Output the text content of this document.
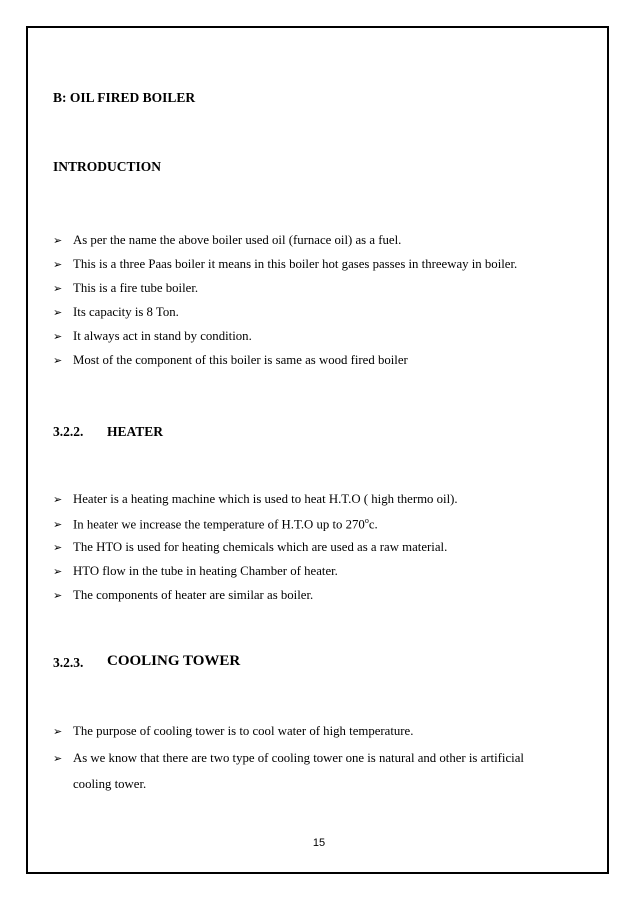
B: OIL FIRED BOILER
INTRODUCTION
➢ As per the name the above boiler used oil (furnace oil) as a fuel.
➢ This is a three Paas boiler it means in this boiler hot gases passes in threeway in boiler.
➢ This is a fire tube boiler.
➢ Its capacity is 8 Ton.
➢ It always act in stand by condition.
➢ Most of the component of this boiler is same as wood fired boiler
3.2.2. HEATER
➢ Heater is a heating machine which is used to heat H.T.O ( high thermo oil).
➢ In heater we increase the temperature of H.T.O up to 270$^o$c.
➢ The HTO is used for heating chemicals which are used as a raw material.
➢ HTO flow in the tube in heating Chamber of heater.
➢ The components of heater are similar as boiler.
3.2.3. COOLING TOWER
➢ The purpose of cooling tower is to cool water of high temperature.
➢ As we know that there are two type of cooling tower one is natural and other is artificial
cooling tower.
15
